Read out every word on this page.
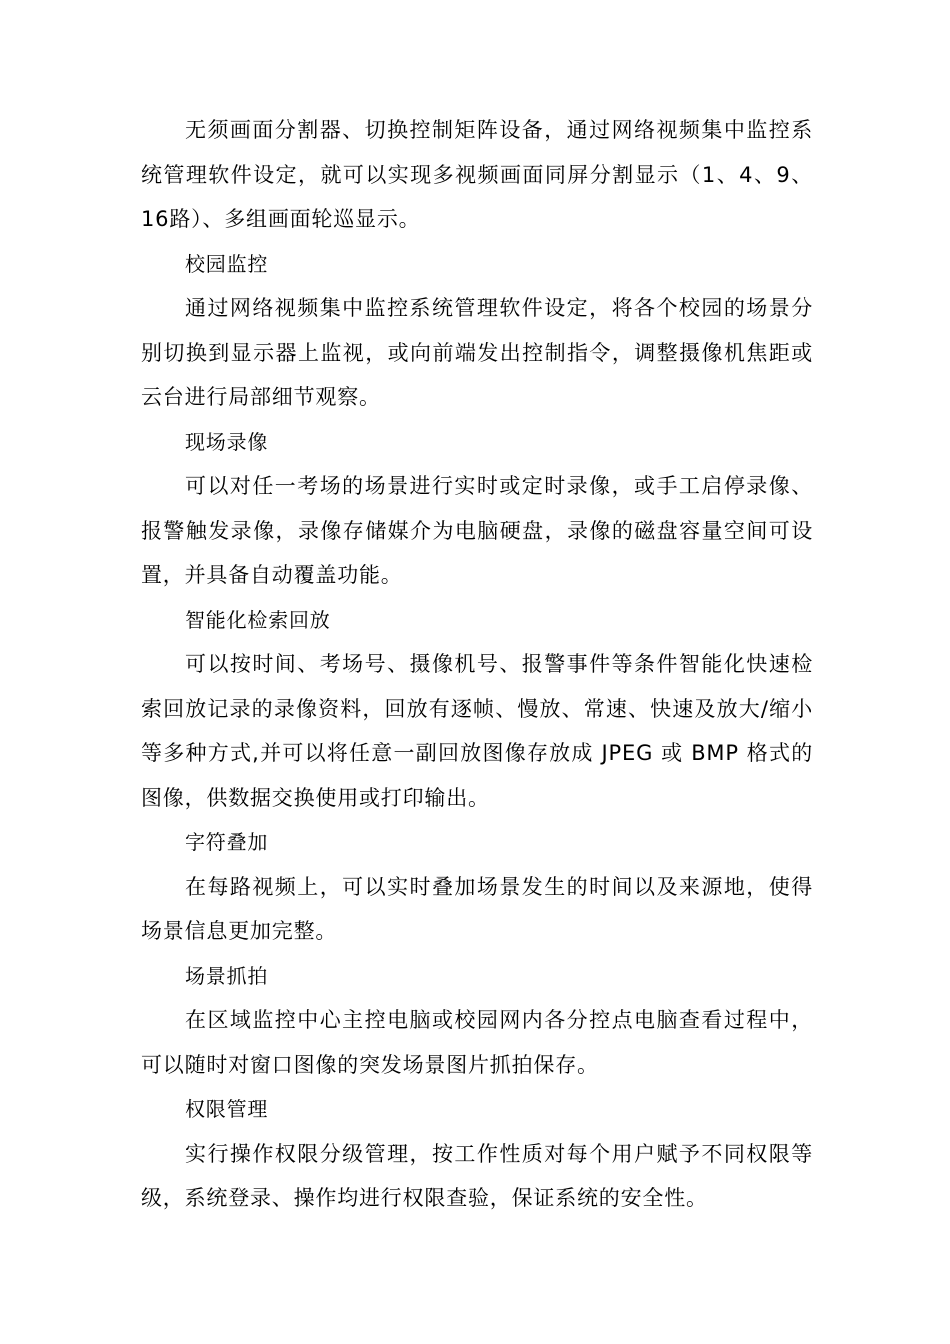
无须画面分割器、切换控制矩阵设备，通过网络视频集中监控系统管理软件设定，就可以实现多视频画面同屏分割显示（1、4、9、16路）、多组画面轮巡显示。

校园监控

通过网络视频集中监控系统管理软件设定，将各个校园的场景分别切换到显示器上监视，或向前端发出控制指令，调整摄像机焦距或云台进行局部细节观察。

现场录像

可以对任一考场的场景进行实时或定时录像，或手工启停录像、报警触发录像，录像存储媒介为电脑硬盘，录像的磁盘容量空间可设置，并具备自动覆盖功能。

智能化检索回放

可以按时间、考场号、摄像机号、报警事件等条件智能化快速检索回放记录的录像资料，回放有逐帧、慢放、常速、快速及放大/缩小等多种方式,并可以将任意一副回放图像存放成 JPEG 或 BMP 格式的图像，供数据交换使用或打印输出。

字符叠加

在每路视频上，可以实时叠加场景发生的时间以及来源地，使得场景信息更加完整。

场景抓拍

在区域监控中心主控电脑或校园网内各分控点电脑查看过程中，可以随时对窗口图像的突发场景图片抓拍保存。

权限管理

实行操作权限分级管理，按工作性质对每个用户赋予不同权限等级，系统登录、操作均进行权限查验，保证系统的安全性。
